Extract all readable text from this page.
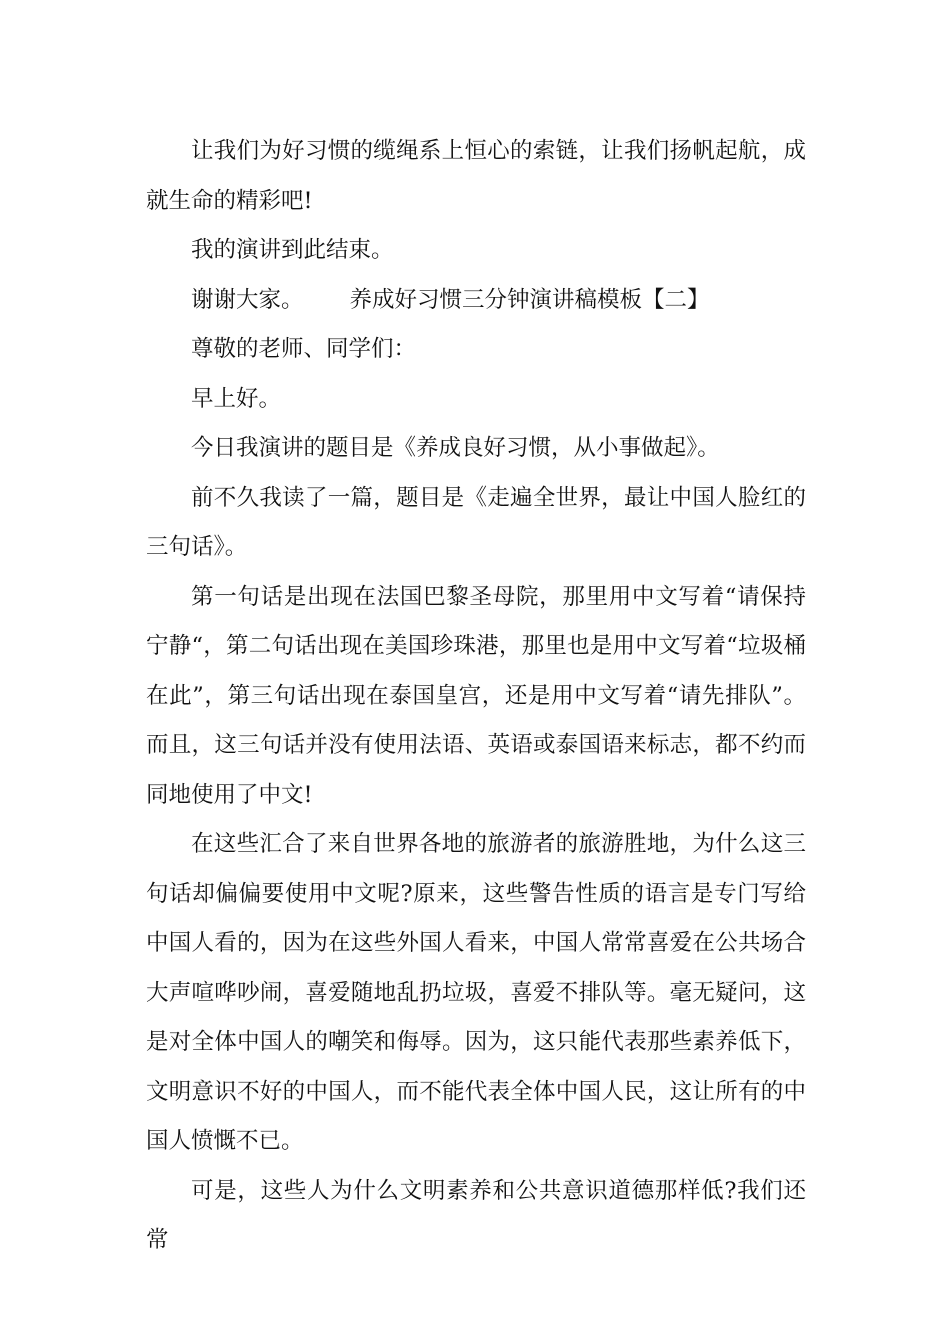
让我们为好习惯的缆绳系上恒心的索链，让我们扬帆起航，成就生命的精彩吧!

我的演讲到此结束。

谢谢大家。 养成好习惯三分钟演讲稿模板【二】

尊敬的老师、同学们：

早上好。

今日我演讲的题目是《养成良好习惯，从小事做起》。

前不久我读了一篇，题目是《走遍全世界，最让中国人脸红的三句话》。

第一句话是出现在法国巴黎圣母院，那里用中文写着“请保持宁静“，第二句话出现在美国珍珠港，那里也是用中文写着“垃圾桶在此”，第三句话出现在泰国皇宫，还是用中文写着“请先排队”。而且，这三句话并没有使用法语、英语或泰国语来标志，都不约而同地使用了中文!

在这些汇合了来自世界各地的旅游者的旅游胜地，为什么这三句话却偏偏要使用中文呢?原来，这些警告性质的语言是专门写给中国人看的，因为在这些外国人看来，中国人常常喜爱在公共场合大声喧哗吵闹，喜爱随地乱扔垃圾，喜爱不排队等。毫无疑问，这是对全体中国人的嘲笑和侮辱。因为，这只能代表那些素养低下，文明意识不好的中国人，而不能代表全体中国人民，这让所有的中国人愤慨不已。

可是，这些人为什么文明素养和公共意识道德那样低?我们还常
